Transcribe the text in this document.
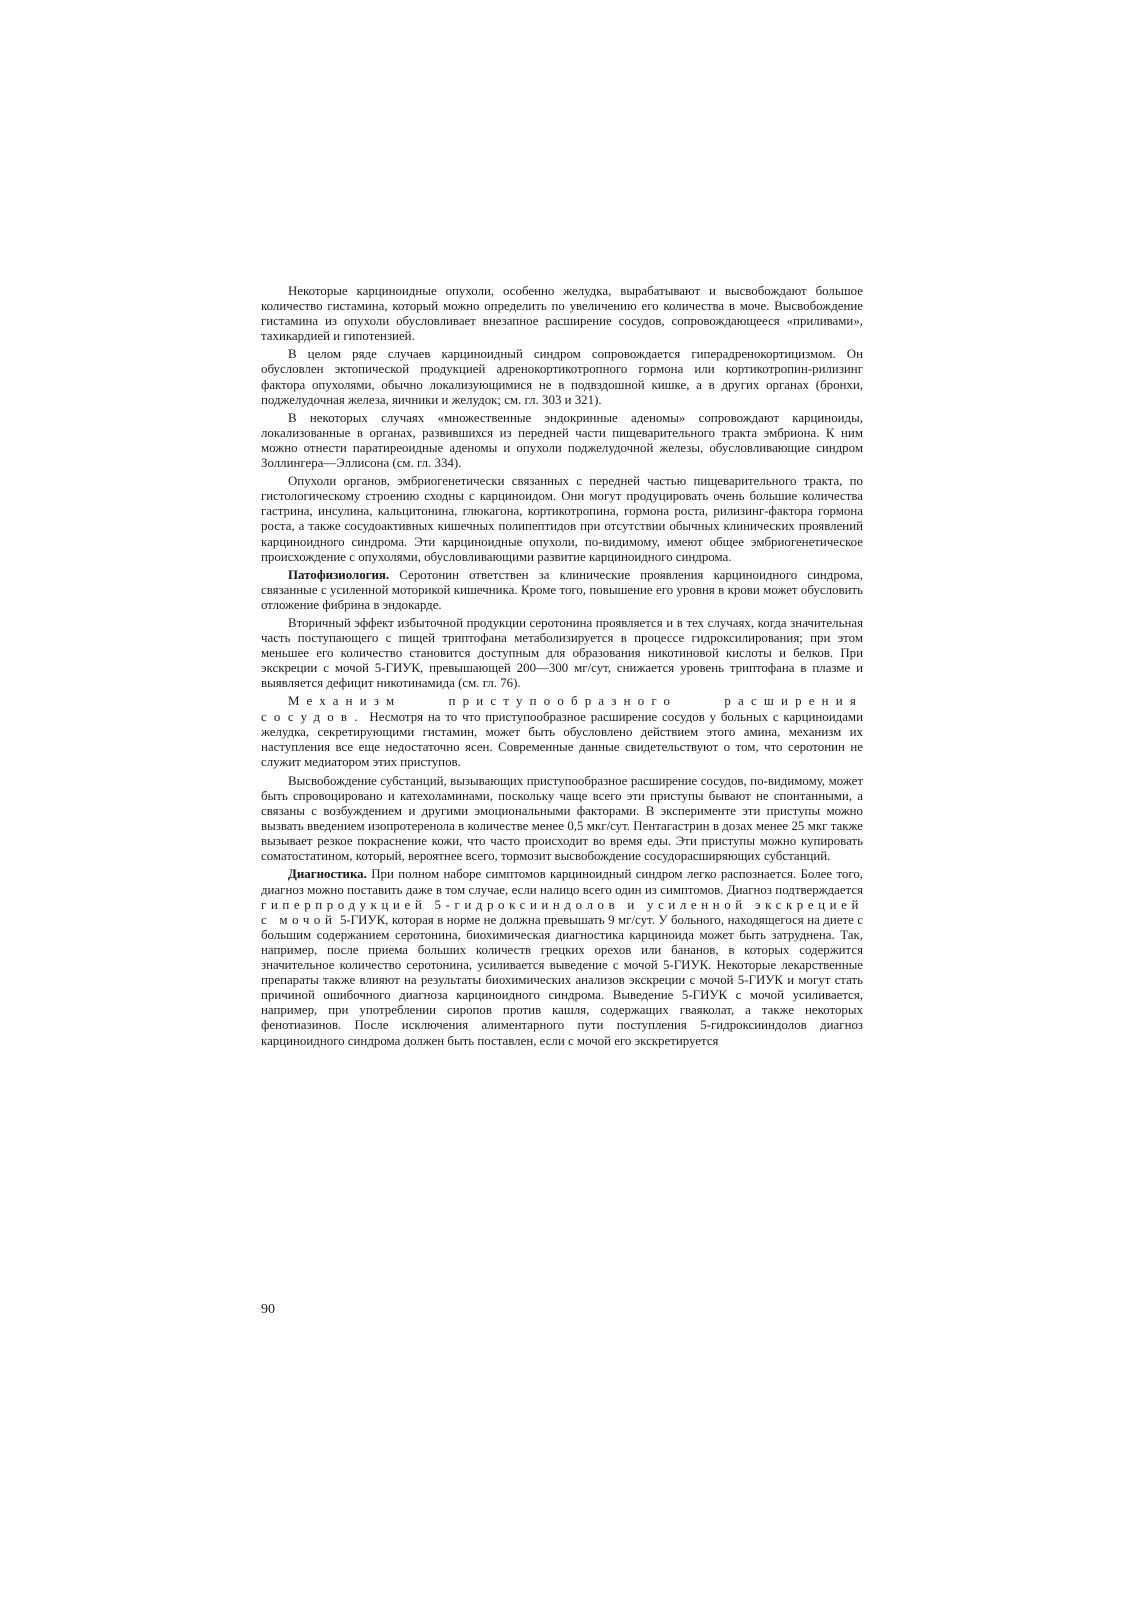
Некоторые карциноидные опухоли, особенно желудка, вырабатывают и высвобождают большое количество гистамина, который можно определить по увеличению его количества в моче. Высвобождение гистамина из опухоли обусловливает внезапное расширение сосудов, сопровождающееся «приливами», тахикардией и гипотензией.

В целом ряде случаев карциноидный синдром сопровождается гиперадренокортицизмом. Он обусловлен эктопической продукцией адренокортикотропного гормона или кортикотропин-рилизинг фактора опухолями, обычно локализующимися не в подвздошной кишке, а в других органах (бронхи, поджелудочная железа, яичники и желудок; см. гл. 303 и 321).

В некоторых случаях «множественные эндокринные аденомы» сопровождают карциноиды, локализованные в органах, развившихся из передней части пищеварительного тракта эмбриона. К ним можно отнести паратиреоидные аденомы и опухоли поджелудочной железы, обусловливающие синдром Золлингера—Эллисона (см. гл. 334).

Опухоли органов, эмбриогенетически связанных с передней частью пищеварительного тракта, по гистологическому строению сходны с карциноидом. Они могут продуцировать очень большие количества гастрина, инсулина, кальцитонина, глюкагона, кортикотропина, гормона роста, рилизинг-фактора гормона роста, а также сосудоактивных кишечных полипептидов при отсутствии обычных клинических проявлений карциноидного синдрома. Эти карциноидные опухоли, по-видимому, имеют общее эмбриогенетическое происхождение с опухолями, обусловливающими развитие карциноидного синдрома.

Патофизиология. Серотонин ответствен за клинические проявления карциноидного синдрома, связанные с усиленной моторикой кишечника. Кроме того, повышение его уровня в крови может обусловить отложение фибрина в эндокарде.

Вторичный эффект избыточной продукции серотонина проявляется и в тех случаях, когда значительная часть поступающего с пищей триптофана метаболизируется в процессе гидроксилирования; при этом меньшее его количество становится доступным для образования никотиновой кислоты и белков. При экскреции с мочой 5-ГИУК, превышающей 200—300 мг/сут, снижается уровень триптофана в плазме и выявляется дефицит никотинамида (см. гл. 76).

Механизм приступообразного расширения сосудов. Несмотря на то что приступообразное расширение сосудов у больных с карциноидами желудка, секретирующими гистамин, может быть обусловлено действием этого амина, механизм их наступления все еще недостаточно ясен. Современные данные свидетельствуют о том, что серотонин не служит медиатором этих приступов.

Высвобождение субстанций, вызывающих приступообразное расширение сосудов, по-видимому, может быть спровоцировано и катехоламинами, поскольку чаще всего эти приступы бывают не спонтанными, а связаны с возбуждением и другими эмоциональными факторами. В эксперименте эти приступы можно вызвать введением изопротеренола в количестве менее 0,5 мкг/сут. Пентагастрин в дозах менее 25 мкг также вызывает резкое покраснение кожи, что часто происходит во время еды. Эти приступы можно купировать соматостатином, который, вероятнее всего, тормозит высвобождение сосудорасширяющих субстанций.

Диагностика. При полном наборе симптомов карциноидный синдром легко распознается. Более того, диагноз можно поставить даже в том случае, если налицо всего один из симптомов. Диагноз подтверждается гиперпродукцией 5-гидроксииндолов и усиленной экскрецией с мочой 5-ГИУК, которая в норме не должна превышать 9 мг/сут. У больного, находящегося на диете с большим содержанием серотонина, биохимическая диагностика карциноида может быть затруднена. Так, например, после приема больших количеств грецких орехов или бананов, в которых содержится значительное количество серотонина, усиливается выведение с мочой 5-ГИУК. Некоторые лекарственные препараты также влияют на результаты биохимических анализов экскреции с мочой 5-ГИУК и могут стать причиной ошибочного диагноза карциноидного синдрома. Выведение 5-ГИУК с мочой усиливается, например, при употреблении сиропов против кашля, содержащих гваяколат, а также некоторых фенотиазинов. После исключения алиментарного пути поступления 5-гидроксииндолов диагноз карциноидного синдрома должен быть поставлен, если с мочой его экскретируется

90
